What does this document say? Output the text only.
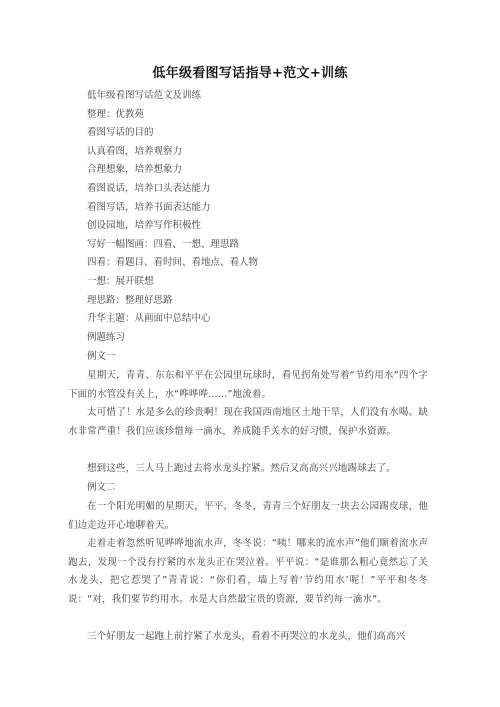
低年级看图写话指导+范文+训练
低年级看图写话范文及训练
整理：优教苑
看图写话的目的
认真看图，培养观察力
合理想象，培养想象力
看图说话，培养口头表达能力
看图写话，培养书面表达能力
创设园地，培养写作积极性
写好一幅图画：四看、一想、理思路
四看：看题目、看时间、看地点、看人物
一想：展开联想
理思路：整理好思路
升华主题：从画面中总结中心
例题练习
例文一
星期天，青青、东东和平平在公园里玩球时，看见拐角处写着“节约用水”四个字下面的水管没有关上，水“哗哗哗……”地流着。
太可惜了！水是多么的珍贵啊！现在我国西南地区土地干旱，人们没有水喝。缺水非常严重！我们应该珍惜每一滴水，养成随手关水的好习惯，保护水资源。
想到这些，三人马上跑过去将水龙头拧紧。然后又高高兴兴地踢球去了。
例文二
在一个阳光明媚的星期天，平平、冬冬，青青三个好朋友一块去公园踢皮球，他们边走边开心地聊着天。
走着走着忽然听见哗哗地流水声，冬冬说：“咦！哪来的流水声”他们顺着流水声跑去，发现一个没有拧紧的水龙头正在哭泣着。平平说：“是谁那么粗心竟然忘了关水龙头，把它惹哭了”青青说：“你们看，墙上写着‘节约用水’呢！”平平和冬冬说：“对，我们要节约用水。水是大自然最宝贵的资源，要节约每一滴水”。
三个好朋友一起跑上前拧紧了水龙头，看着不再哭泣的水龙头，他们高高兴
